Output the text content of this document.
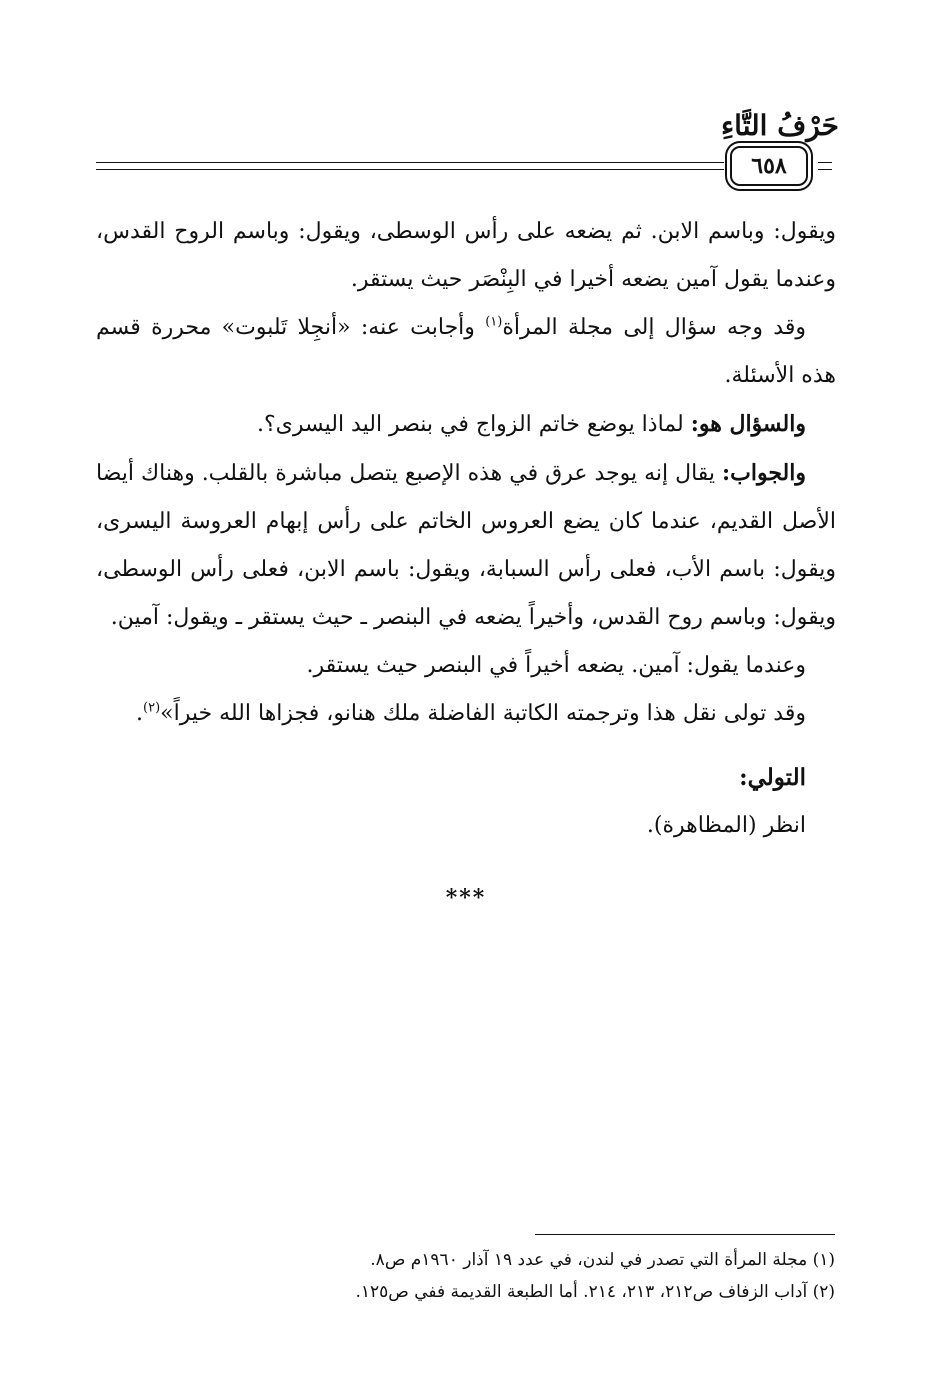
حَرْفُ التَّاءِ
٦٥٨

ويقول: وباسم الابن. ثم يضعه على رأس الوسطى، ويقول: وباسم الروح القدس، وعندما يقول آمين يضعه أخيرا في البِنْصَر حيث يستقر.

وقد وجه سؤال إلى مجلة المرأة$^{(١)}$ وأجابت عنه: «أنجِلا تَلبوت» محررة قسم هذه الأسئلة.

والسؤال هو: لماذا يوضع خاتم الزواج في بنصر اليد اليسرى؟.

والجواب: يقال إنه يوجد عرق في هذه الإصبع يتصل مباشرة بالقلب. وهناك أيضا الأصل القديم، عندما كان يضع العروس الخاتم على رأس إبهام العروسة اليسرى، ويقول: باسم الأب، فعلى رأس السبابة، ويقول: باسم الابن، فعلى رأس الوسطى، ويقول: وباسم روح القدس، وأخيراً يضعه في البنصر ـ حيث يستقر ـ ويقول: آمين.

وعندما يقول: آمين. يضعه أخيراً في البنصر حيث يستقر.

وقد تولى نقل هذا وترجمته الكاتبة الفاضلة ملك هنانو، فجزاها الله خيراً»$^{(٢)}$.

التولي:

انظر (المظاهرة).

***

(١) مجلة المرأة التي تصدر في لندن، في عدد ١٩ آذار ١٩٦٠م ص٨.

(٢) آداب الزفاف ص٢١٢، ٢١٣، ٢١٤. أما الطبعة القديمة ففي ص١٢٥.
